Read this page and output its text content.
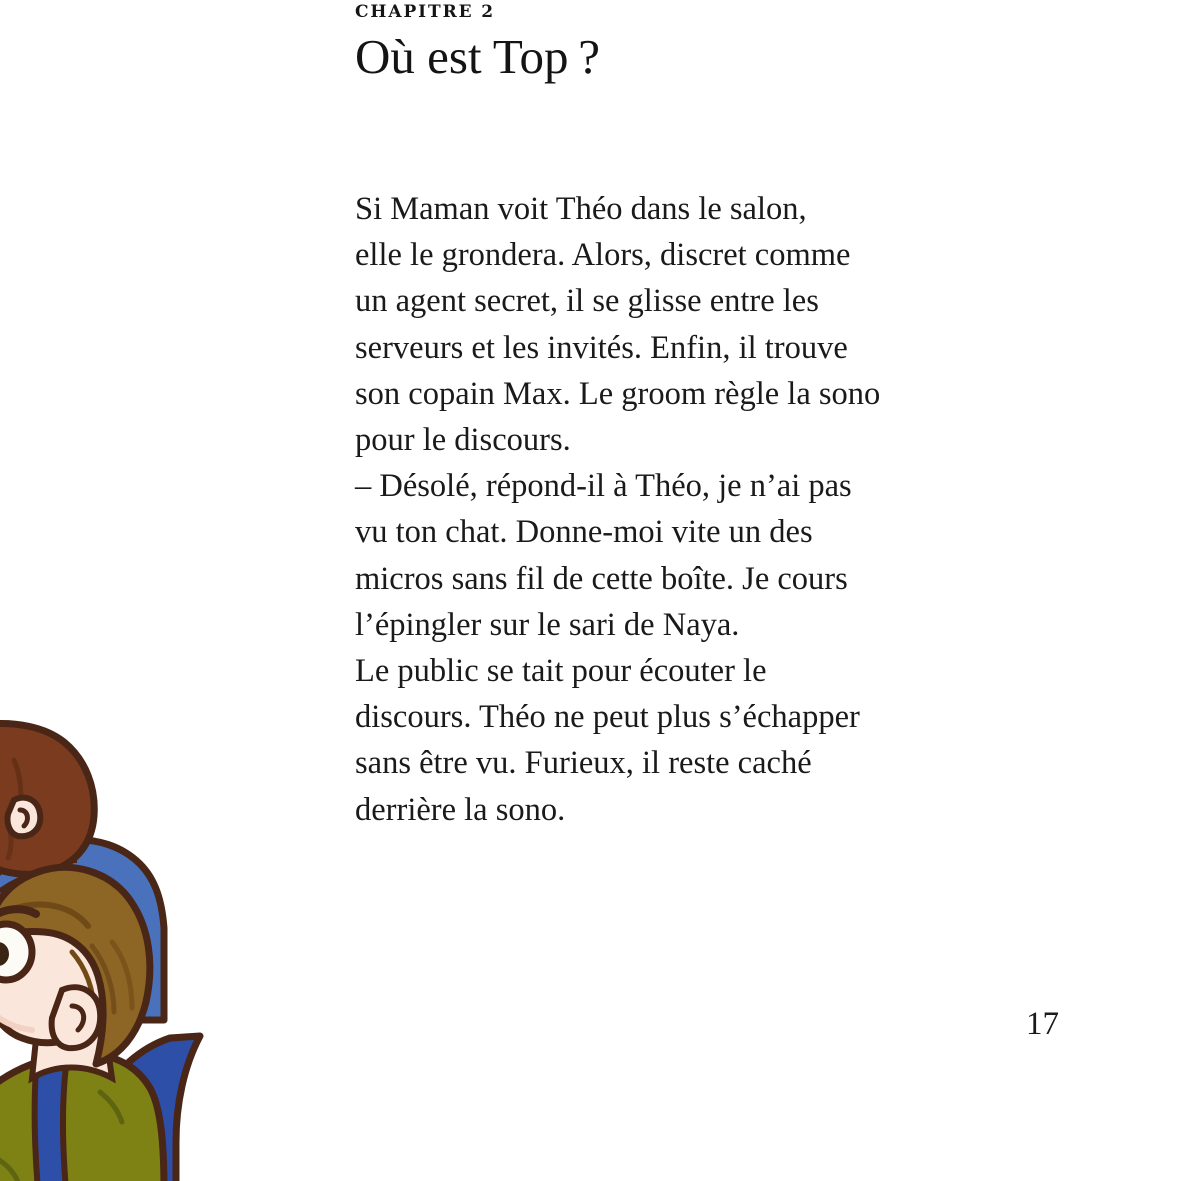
CHAPITRE 2
Où est Top ?
Si Maman voit Théo dans le salon,
elle le grondera. Alors, discret comme
un agent secret, il se glisse entre les
serveurs et les invités. Enfin, il trouve
son copain Max. Le groom règle la sono
pour le discours.
– Désolé, répond-il à Théo, je n’ai pas
vu ton chat. Donne-moi vite un des
micros sans fil de cette boîte. Je cours
l’épingler sur le sari de Naya.
Le public se tait pour écouter le
discours. Théo ne peut plus s’échapper
sans être vu. Furieux, il reste caché
derrière la sono.
17
